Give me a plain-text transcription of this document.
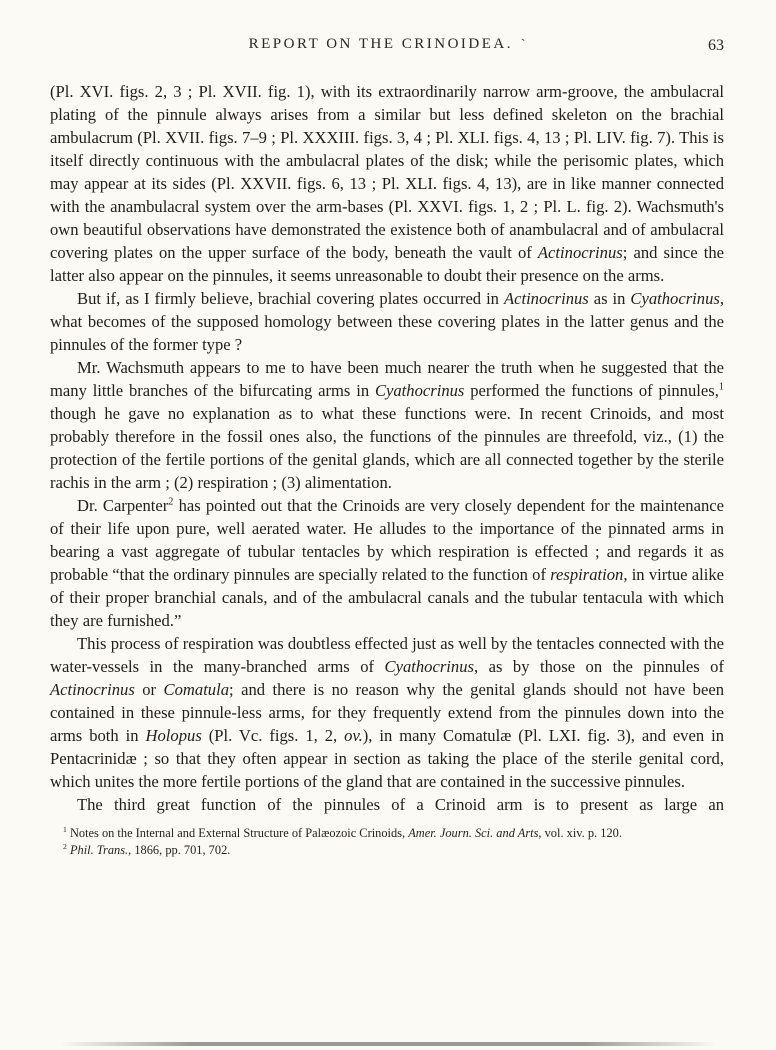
REPORT ON THE CRINOIDEA. ˋ	63

(Pl. XVI. figs. 2, 3 ; Pl. XVII. fig. 1), with its extraordinarily narrow arm-groove, the ambulacral plating of the pinnule always arises from a similar but less defined skeleton on the brachial ambulacrum (Pl. XVII. figs. 7–9 ; Pl. XXXIII. figs. 3, 4 ; Pl. XLI. figs. 4, 13 ; Pl. LIV. fig. 7). This is itself directly continuous with the ambulacral plates of the disk; while the perisomic plates, which may appear at its sides (Pl. XXVII. figs. 6, 13 ; Pl. XLI. figs. 4, 13), are in like manner connected with the anambulacral system over the arm-bases (Pl. XXVI. figs. 1, 2 ; Pl. L. fig. 2). Wachsmuth's own beautiful observations have demonstrated the existence both of anambulacral and of ambulacral covering plates on the upper surface of the body, beneath the vault of Actinocrinus; and since the latter also appear on the pinnules, it seems unreasonable to doubt their presence on the arms.

But if, as I firmly believe, brachial covering plates occurred in Actinocrinus as in Cyathocrinus, what becomes of the supposed homology between these covering plates in the latter genus and the pinnules of the former type ?

Mr. Wachsmuth appears to me to have been much nearer the truth when he suggested that the many little branches of the bifurcating arms in Cyathocrinus performed the functions of pinnules,$^1$ though he gave no explanation as to what these functions were. In recent Crinoids, and most probably therefore in the fossil ones also, the functions of the pinnules are threefold, viz., (1) the protection of the fertile portions of the genital glands, which are all connected together by the sterile rachis in the arm ; (2) respiration ; (3) alimentation.

Dr. Carpenter$^2$ has pointed out that the Crinoids are very closely dependent for the maintenance of their life upon pure, well aerated water. He alludes to the importance of the pinnated arms in bearing a vast aggregate of tubular tentacles by which respiration is effected ; and regards it as probable “that the ordinary pinnules are specially related to the function of respiration, in virtue alike of their proper branchial canals, and of the ambulacral canals and the tubular tentacula with which they are furnished.”

This process of respiration was doubtless effected just as well by the tentacles connected with the water-vessels in the many-branched arms of Cyathocrinus, as by those on the pinnules of Actinocrinus or Comatula; and there is no reason why the genital glands should not have been contained in these pinnule-less arms, for they frequently extend from the pinnules down into the arms both in Holopus (Pl. Vc. figs. 1, 2, ov.), in many Comatulæ (Pl. LXI. fig. 3), and even in Pentacrinidæ ; so that they often appear in section as taking the place of the sterile genital cord, which unites the more fertile portions of the gland that are contained in the successive pinnules.

The third great function of the pinnules of a Crinoid arm is to present as large an

$^1$ Notes on the Internal and External Structure of Palæozoic Crinoids, Amer. Journ. Sci. and Arts, vol. xiv. p. 120.

$^2$ Phil. Trans., 1866, pp. 701, 702.
